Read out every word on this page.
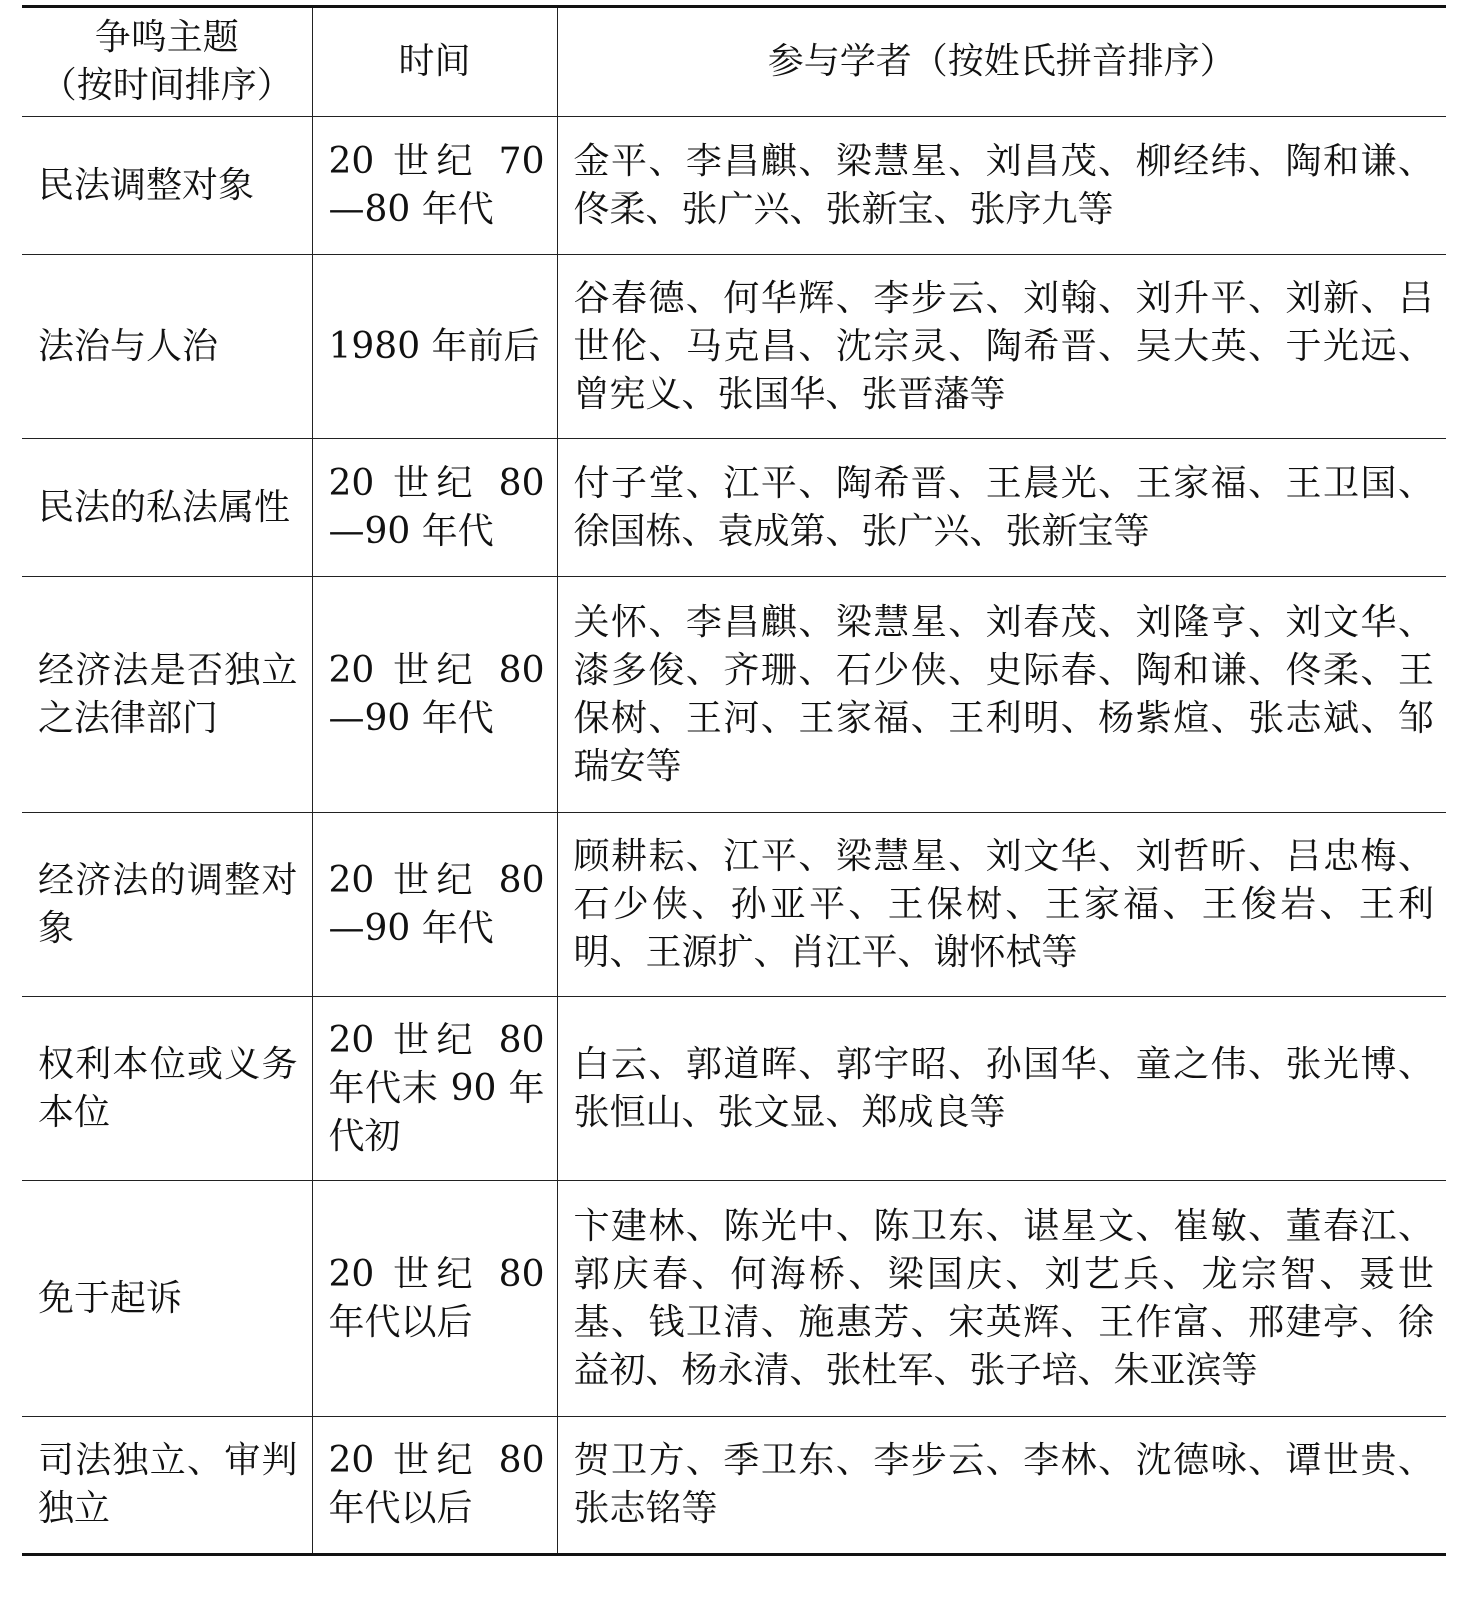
争鸣主题
（按时间排序）	时间	参与学者（按姓氏拼音排序）
民法调整对象	20 世纪 70—80 年代	金平、李昌麒、梁慧星、刘昌茂、柳经纬、陶和谦、佟柔、张广兴、张新宝、张序九等
法治与人治	1980 年前后	谷春德、何华辉、李步云、刘翰、刘升平、刘新、吕世伦、马克昌、沈宗灵、陶希晋、吴大英、于光远、曾宪义、张国华、张晋藩等
民法的私法属性	20 世纪 80—90 年代	付子堂、江平、陶希晋、王晨光、王家福、王卫国、徐国栋、袁成第、张广兴、张新宝等
经济法是否独立之法律部门	20 世纪 80—90 年代	关怀、李昌麒、梁慧星、刘春茂、刘隆亨、刘文华、漆多俊、齐珊、石少侠、史际春、陶和谦、佟柔、王保树、王河、王家福、王利明、杨紫煊、张志斌、邹瑞安等
经济法的调整对象	20 世纪 80—90 年代	顾耕耘、江平、梁慧星、刘文华、刘哲昕、吕忠梅、石少侠、孙亚平、王保树、王家福、王俊岩、王利明、王源扩、肖江平、谢怀栻等
权利本位或义务本位	20 世纪 80 年代末 90 年代初	白云、郭道晖、郭宇昭、孙国华、童之伟、张光博、张恒山、张文显、郑成良等
免于起诉	20 世纪 80 年代以后	卞建林、陈光中、陈卫东、谌星文、崔敏、董春江、郭庆春、何海桥、梁国庆、刘艺兵、龙宗智、聂世基、钱卫清、施惠芳、宋英辉、王作富、邢建亭、徐益初、杨永清、张杜军、张子培、朱亚滨等
司法独立、审判独立	20 世纪 80 年代以后	贺卫方、季卫东、李步云、李林、沈德咏、谭世贵、张志铭等
